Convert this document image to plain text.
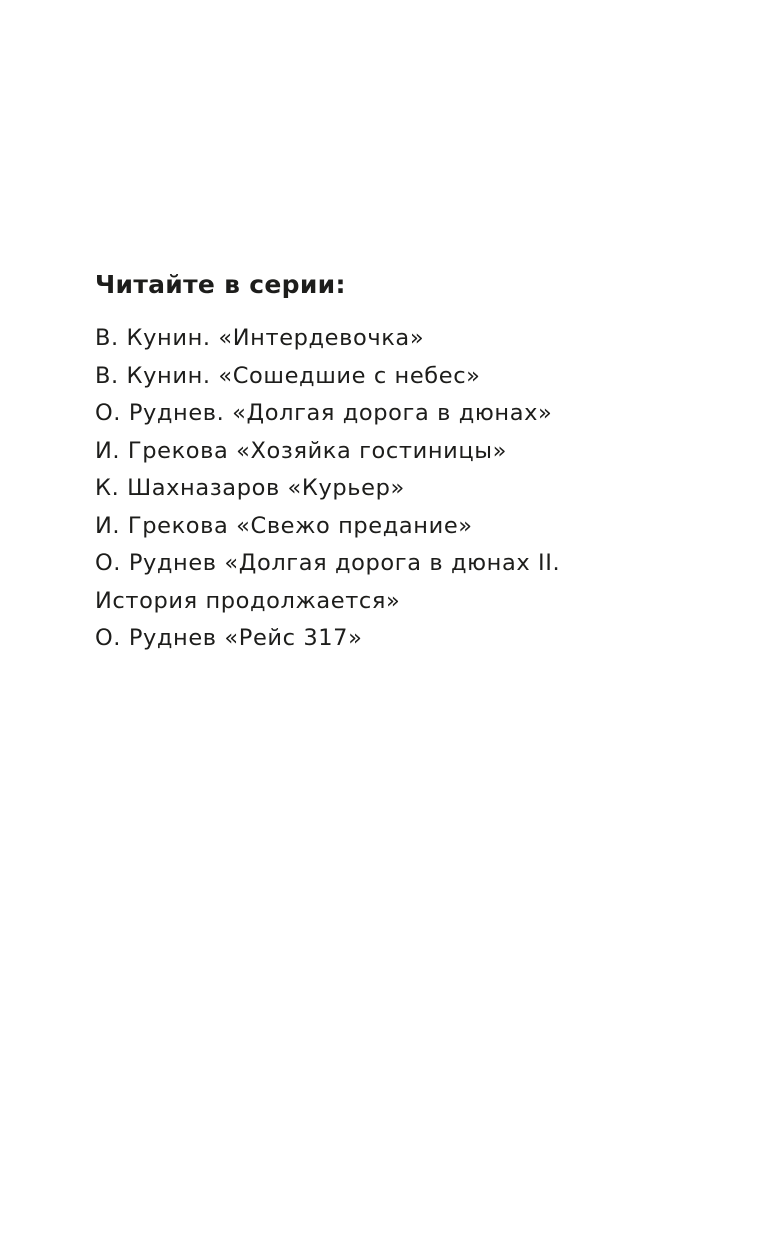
Читайте в серии:
В. Кунин. «Интердевочка»
В. Кунин. «Сошедшие с небес»
О. Руднев. «Долгая дорога в дюнах»
И. Грекова «Хозяйка гостиницы»
К. Шахназаров «Курьер»
И. Грекова «Свежо предание»
О. Руднев «Долгая дорога в дюнах II.
История продолжается»
О. Руднев «Рейс 317»
